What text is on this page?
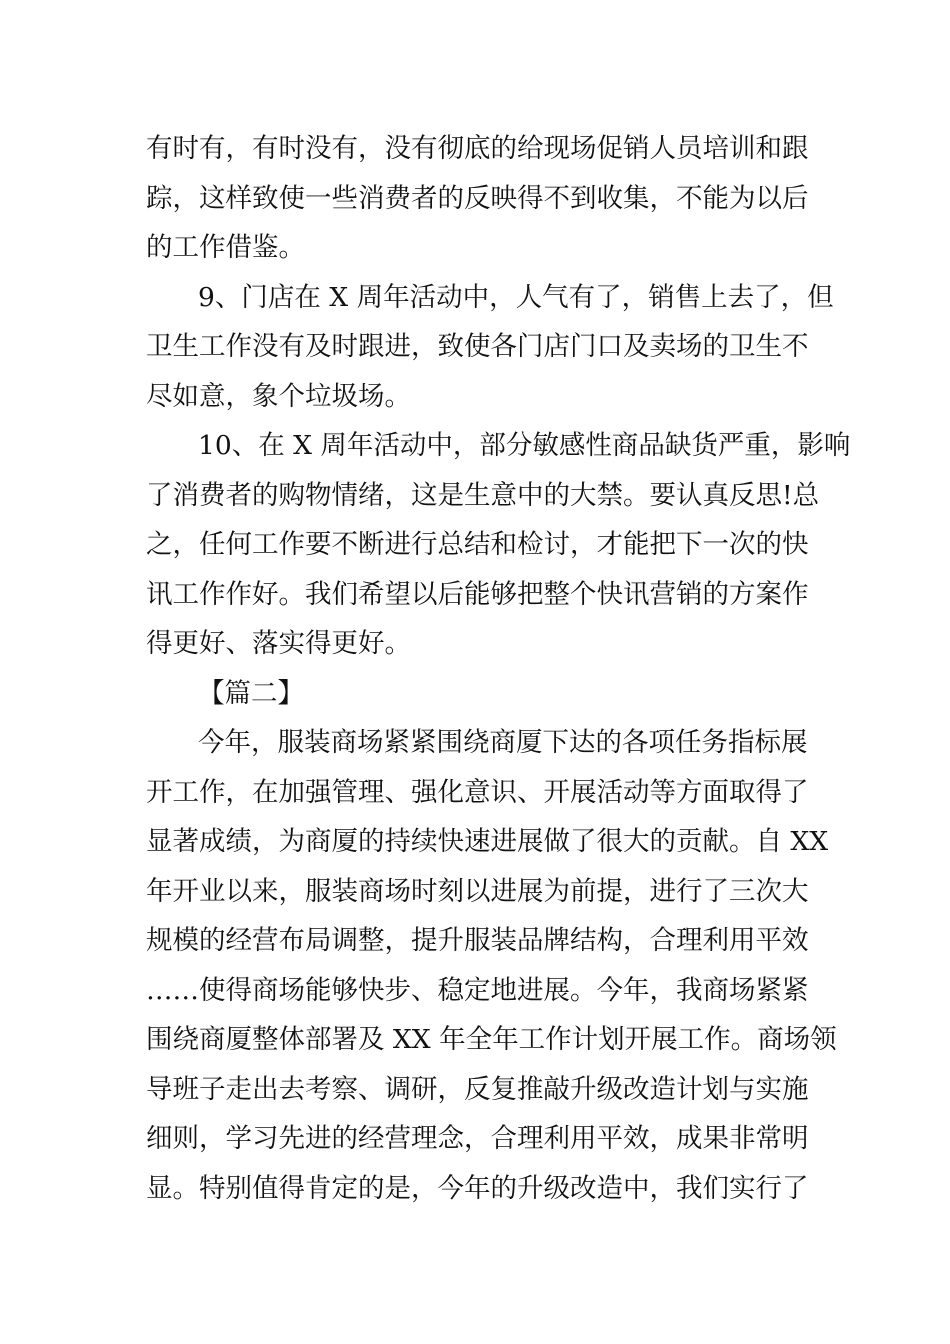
有时有，有时没有，没有彻底的给现场促销人员培训和跟
踪，这样致使一些消费者的反映得不到收集，不能为以后
的工作借鉴。
9、门店在 X 周年活动中，人气有了，销售上去了，但
卫生工作没有及时跟进，致使各门店门口及卖场的卫生不
尽如意，象个垃圾场。
10、在 X 周年活动中，部分敏感性商品缺货严重，影响
了消费者的购物情绪，这是生意中的大禁。要认真反思!总
之，任何工作要不断进行总结和检讨，才能把下一次的快
讯工作作好。我们希望以后能够把整个快讯营销的方案作
得更好、落实得更好。
【篇二】
今年，服装商场紧紧围绕商厦下达的各项任务指标展
开工作，在加强管理、强化意识、开展活动等方面取得了
显著成绩，为商厦的持续快速进展做了很大的贡献。自 XX
年开业以来，服装商场时刻以进展为前提，进行了三次大
规模的经营布局调整，提升服装品牌结构，合理利用平效
……使得商场能够快步、稳定地进展。今年，我商场紧紧
围绕商厦整体部署及 XX 年全年工作计划开展工作。商场领
导班子走出去考察、调研，反复推敲升级改造计划与实施
细则，学习先进的经营理念，合理利用平效，成果非常明
显。特别值得肯定的是，今年的升级改造中，我们实行了
